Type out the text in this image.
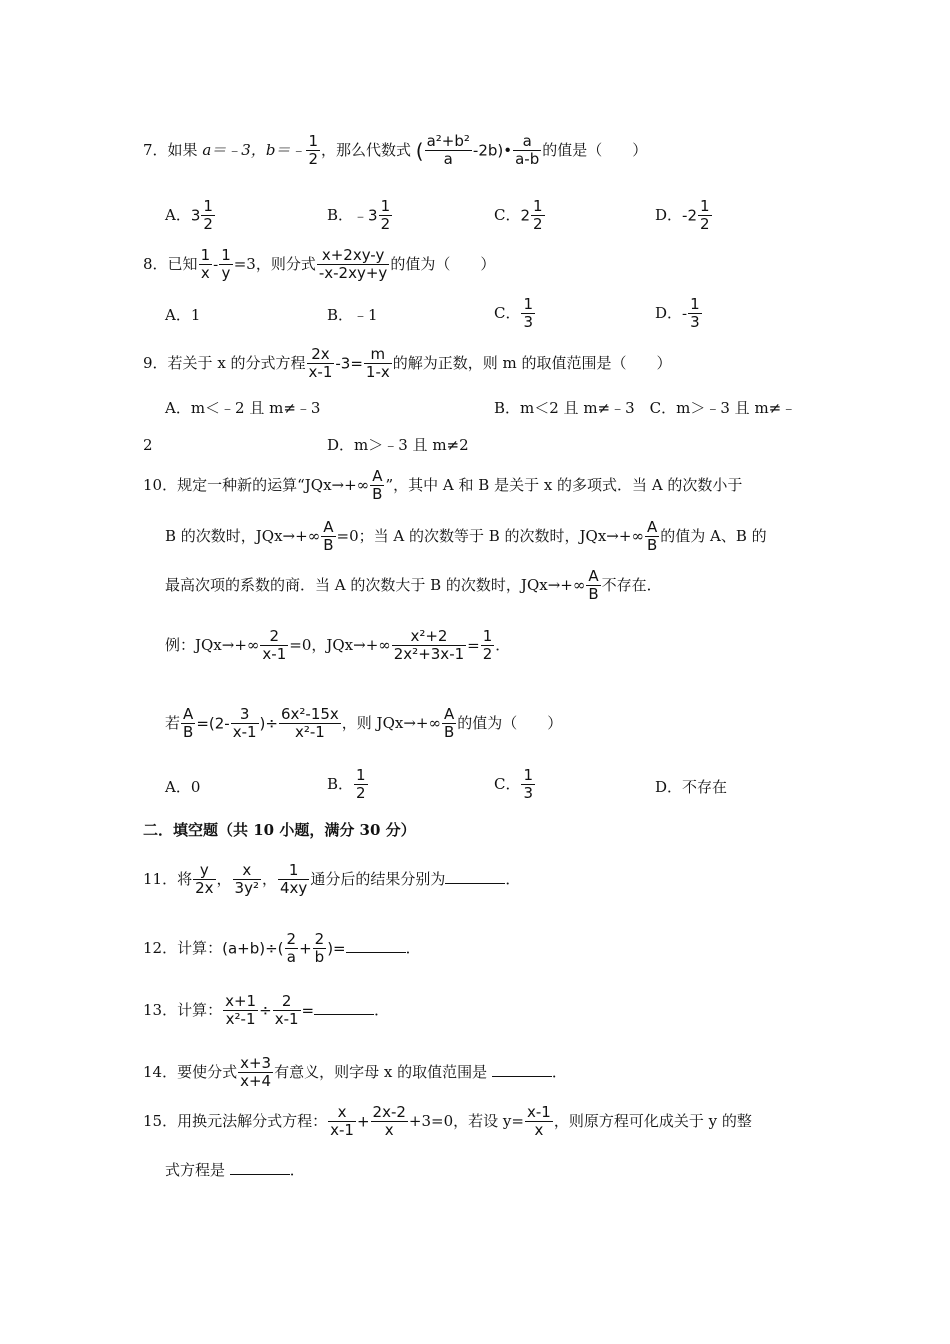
7．如果 a＝﹣3，b＝﹣ $\frac{1}{2}$ ，那么代数式 ( $\frac{\text{a²+b²}}{a}$ -2b)• $\frac{a}{a-b}$ 的值是（　　）
A．$3 \frac{1}{2}$	B．﹣3 $\frac{1}{2}$	C．$2 \frac{1}{2}$	D．$-2 \frac{1}{2}$
8．已知 $\frac{1}{x} - \frac{1}{y} =3$，则分式 $\frac{x+2xy-y}{-x-2xy+y}$ 的值为（　　）
A．1	B．﹣1	C． $\frac{1}{3}$	D．- $\frac{1}{3}$
9．若关于 x 的分式方程 $\frac{2x}{x-1} -3= \frac{m}{1-x}$ 的解为正数，则 m 的取值范围是（　　）
A．m＜﹣2 且 m≠﹣3	B．m＜2 且 m≠﹣3　C．m＞﹣3 且 m≠﹣
2	D．m＞﹣3 且 m≠2
10．规定一种新的运算“$JQx\to+\infty \frac{A}{B}$ ”，其中 A 和 B 是关于 x 的多项式．当 A 的次数小于
B 的次数时，$JQx\to+\infty \frac{A}{B} =0$；当 A 的次数等于 B 的次数时，$JQx\to+\infty \frac{A}{B}$ 的值为 A、B 的
最高次项的系数的商．当 A 的次数大于 B 的次数时，$JQx\to+\infty \frac{A}{B}$ 不存在．
例：$JQx\to+\infty \frac{2}{x-1} =0$，$JQx\to+\infty \frac{\text{x²+2}}{\text{2x²+3x-1}} = \frac{1}{2}$ ．
若 $\frac{A}{B} =(2- \frac{3}{x-1}$ )÷ $\frac{\text{6x²-15x}}{\text{x²-1}}$ ，则 $JQx\to+\infty \frac{A}{B}$ 的值为（　　）
A．0	B． $\frac{1}{2}$	C． $\frac{1}{3}$	D．不存在
二．填空题（共 10 小题，满分 30 分）
11．将 $\frac{y}{2x}$ ， $\frac{x}{\text{3y²}}$ ， $\frac{1}{4xy}$ 通分后的结果分别为	．
12．计算：$(a+b)\div( \frac{2}{a} + \frac{2}{b}$ )=	．
13．计算： $\frac{x+1}{\text{x²-1}} \div \frac{2}{x-1}$ =	．
14．要使分式 $\frac{x+3}{x+4}$ 有意义，则字母 x 的取值范围是	．
15．用换元法解分式方程： $\frac{x}{x-1} + \frac{2x-2}{x} +3=0$，若设 $y= \frac{x-1}{x}$ ，则原方程可化成关于 y 的整
式方程是	．
